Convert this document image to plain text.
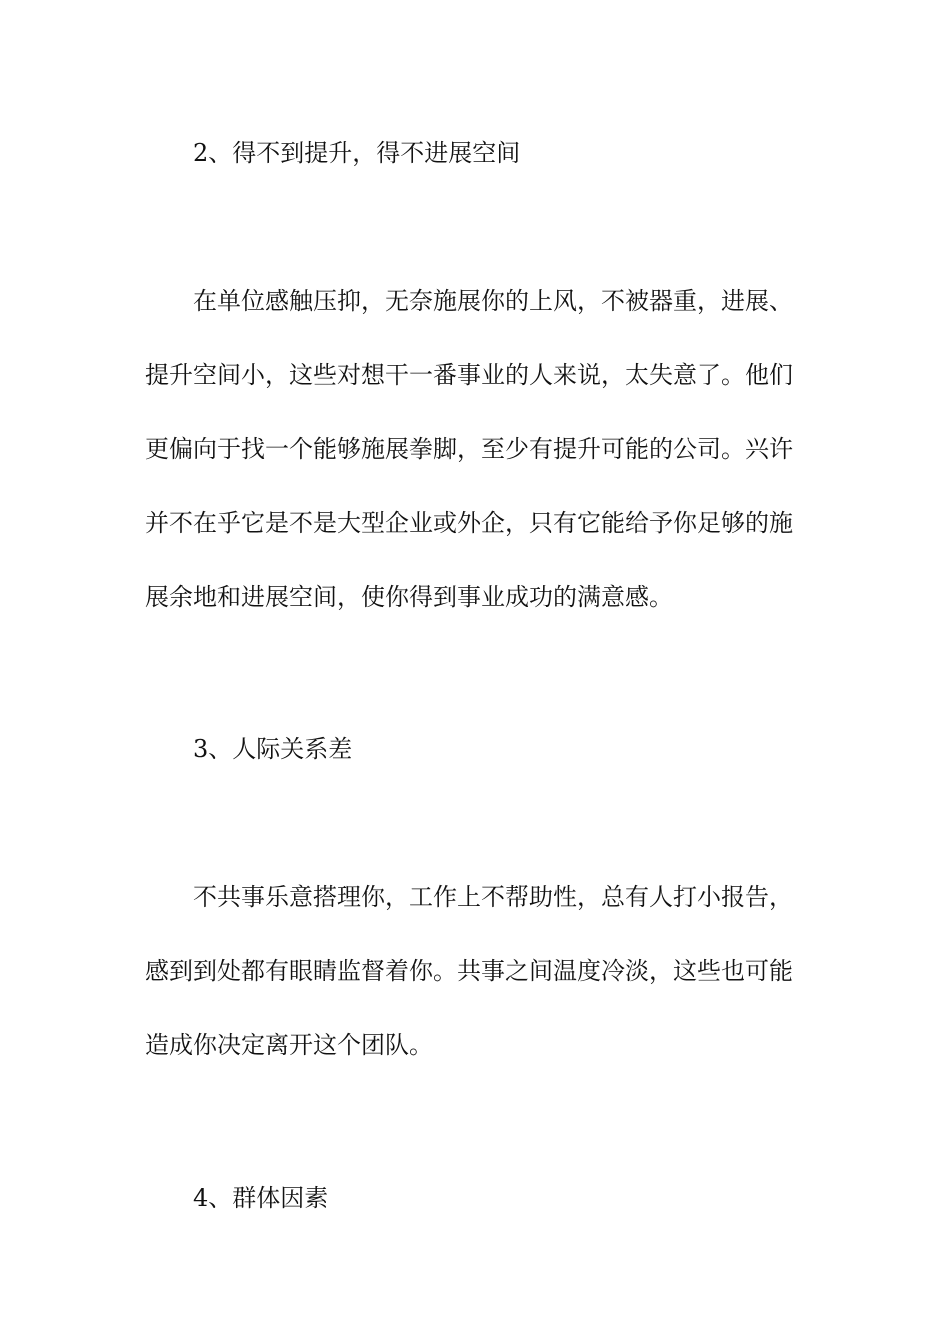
2、得不到提升，得不进展空间
在单位感触压抑，无奈施展你的上风，不被器重，进展、
提升空间小，这些对想干一番事业的人来说，太失意了。他们
更偏向于找一个能够施展拳脚，至少有提升可能的公司。兴许
并不在乎它是不是大型企业或外企，只有它能给予你足够的施
展余地和进展空间，使你得到事业成功的满意感。
3、人际关系差
不共事乐意搭理你，工作上不帮助性，总有人打小报告，
感到到处都有眼睛监督着你。共事之间温度冷淡，这些也可能
造成你决定离开这个团队。
4、群体因素
